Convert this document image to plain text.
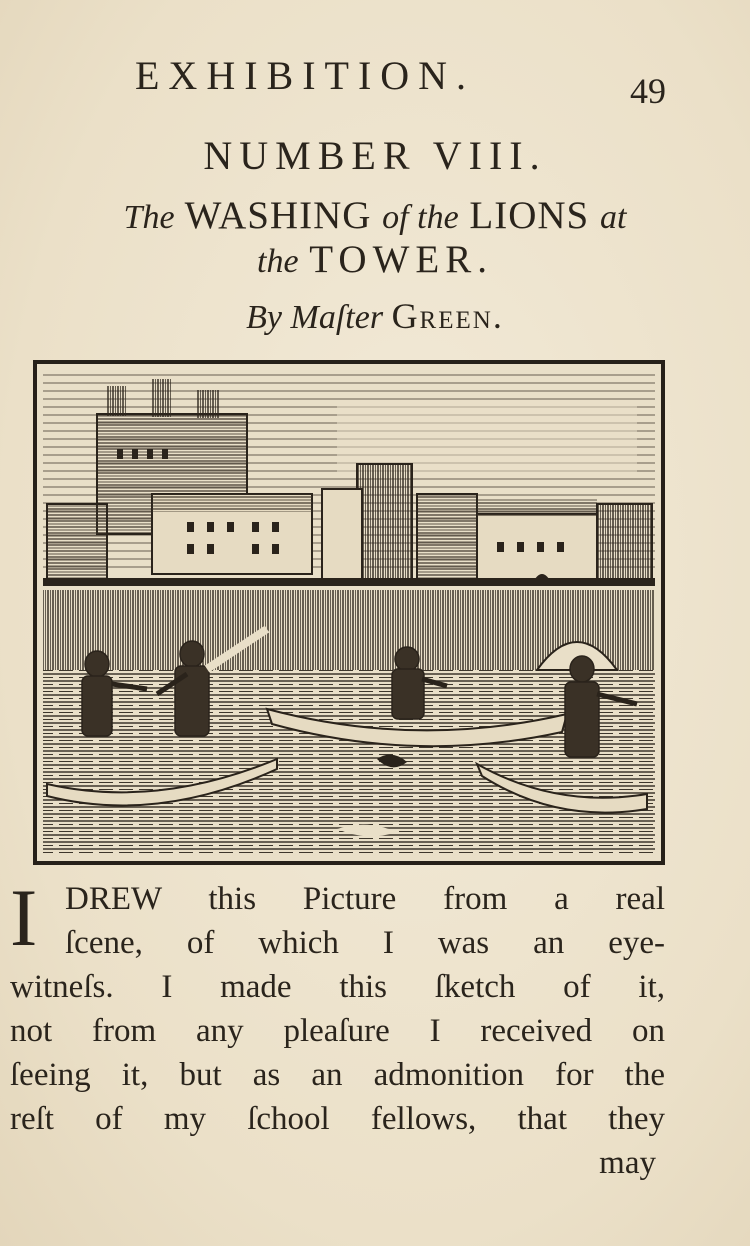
EXHIBITION.	49
NUMBER VIII.
The WASHING of the LIONS at
the TOWER.
By Maſter Green.
I DREW this Picture from a real
ſcene, of which I was an eye-
witneſs. I made this ſketch of it,
not from any pleaſure I received on
ſeeing it, but as an admonition for the
reſt of my ſchool fellows, that they
may
